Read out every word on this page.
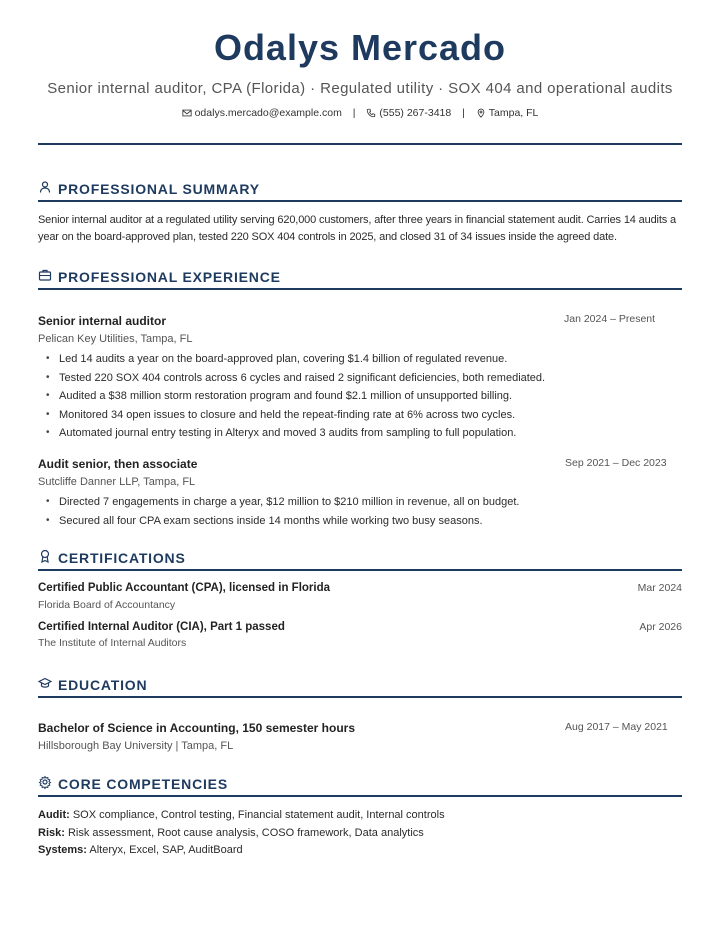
Odalys Mercado
Senior internal auditor, CPA (Florida) · Regulated utility · SOX 404 and operational audits
odalys.mercado@example.com | (555) 267-3418 | Tampa, FL
PROFESSIONAL SUMMARY
Senior internal auditor at a regulated utility serving 620,000 customers, after three years in financial statement audit. Carries 14 audits a year on the board-approved plan, tested 220 SOX 404 controls in 2025, and closed 31 of 34 issues inside the agreed date.
PROFESSIONAL EXPERIENCE
Senior internal auditor	Jan 2024 – Present
Pelican Key Utilities, Tampa, FL
• Led 14 audits a year on the board-approved plan, covering $1.4 billion of regulated revenue.
• Tested 220 SOX 404 controls across 6 cycles and raised 2 significant deficiencies, both remediated.
• Audited a $38 million storm restoration program and found $2.1 million of unsupported billing.
• Monitored 34 open issues to closure and held the repeat-finding rate at 6% across two cycles.
• Automated journal entry testing in Alteryx and moved 3 audits from sampling to full population.
Audit senior, then associate	Sep 2021 – Dec 2023
Sutcliffe Danner LLP, Tampa, FL
• Directed 7 engagements in charge a year, $12 million to $210 million in revenue, all on budget.
• Secured all four CPA exam sections inside 14 months while working two busy seasons.
CERTIFICATIONS
Certified Public Accountant (CPA), licensed in Florida	Mar 2024
Florida Board of Accountancy
Certified Internal Auditor (CIA), Part 1 passed	Apr 2026
The Institute of Internal Auditors
EDUCATION
Bachelor of Science in Accounting, 150 semester hours	Aug 2017 – May 2021
Hillsborough Bay University | Tampa, FL
CORE COMPETENCIES
Audit: SOX compliance, Control testing, Financial statement audit, Internal controls
Risk: Risk assessment, Root cause analysis, COSO framework, Data analytics
Systems: Alteryx, Excel, SAP, AuditBoard
